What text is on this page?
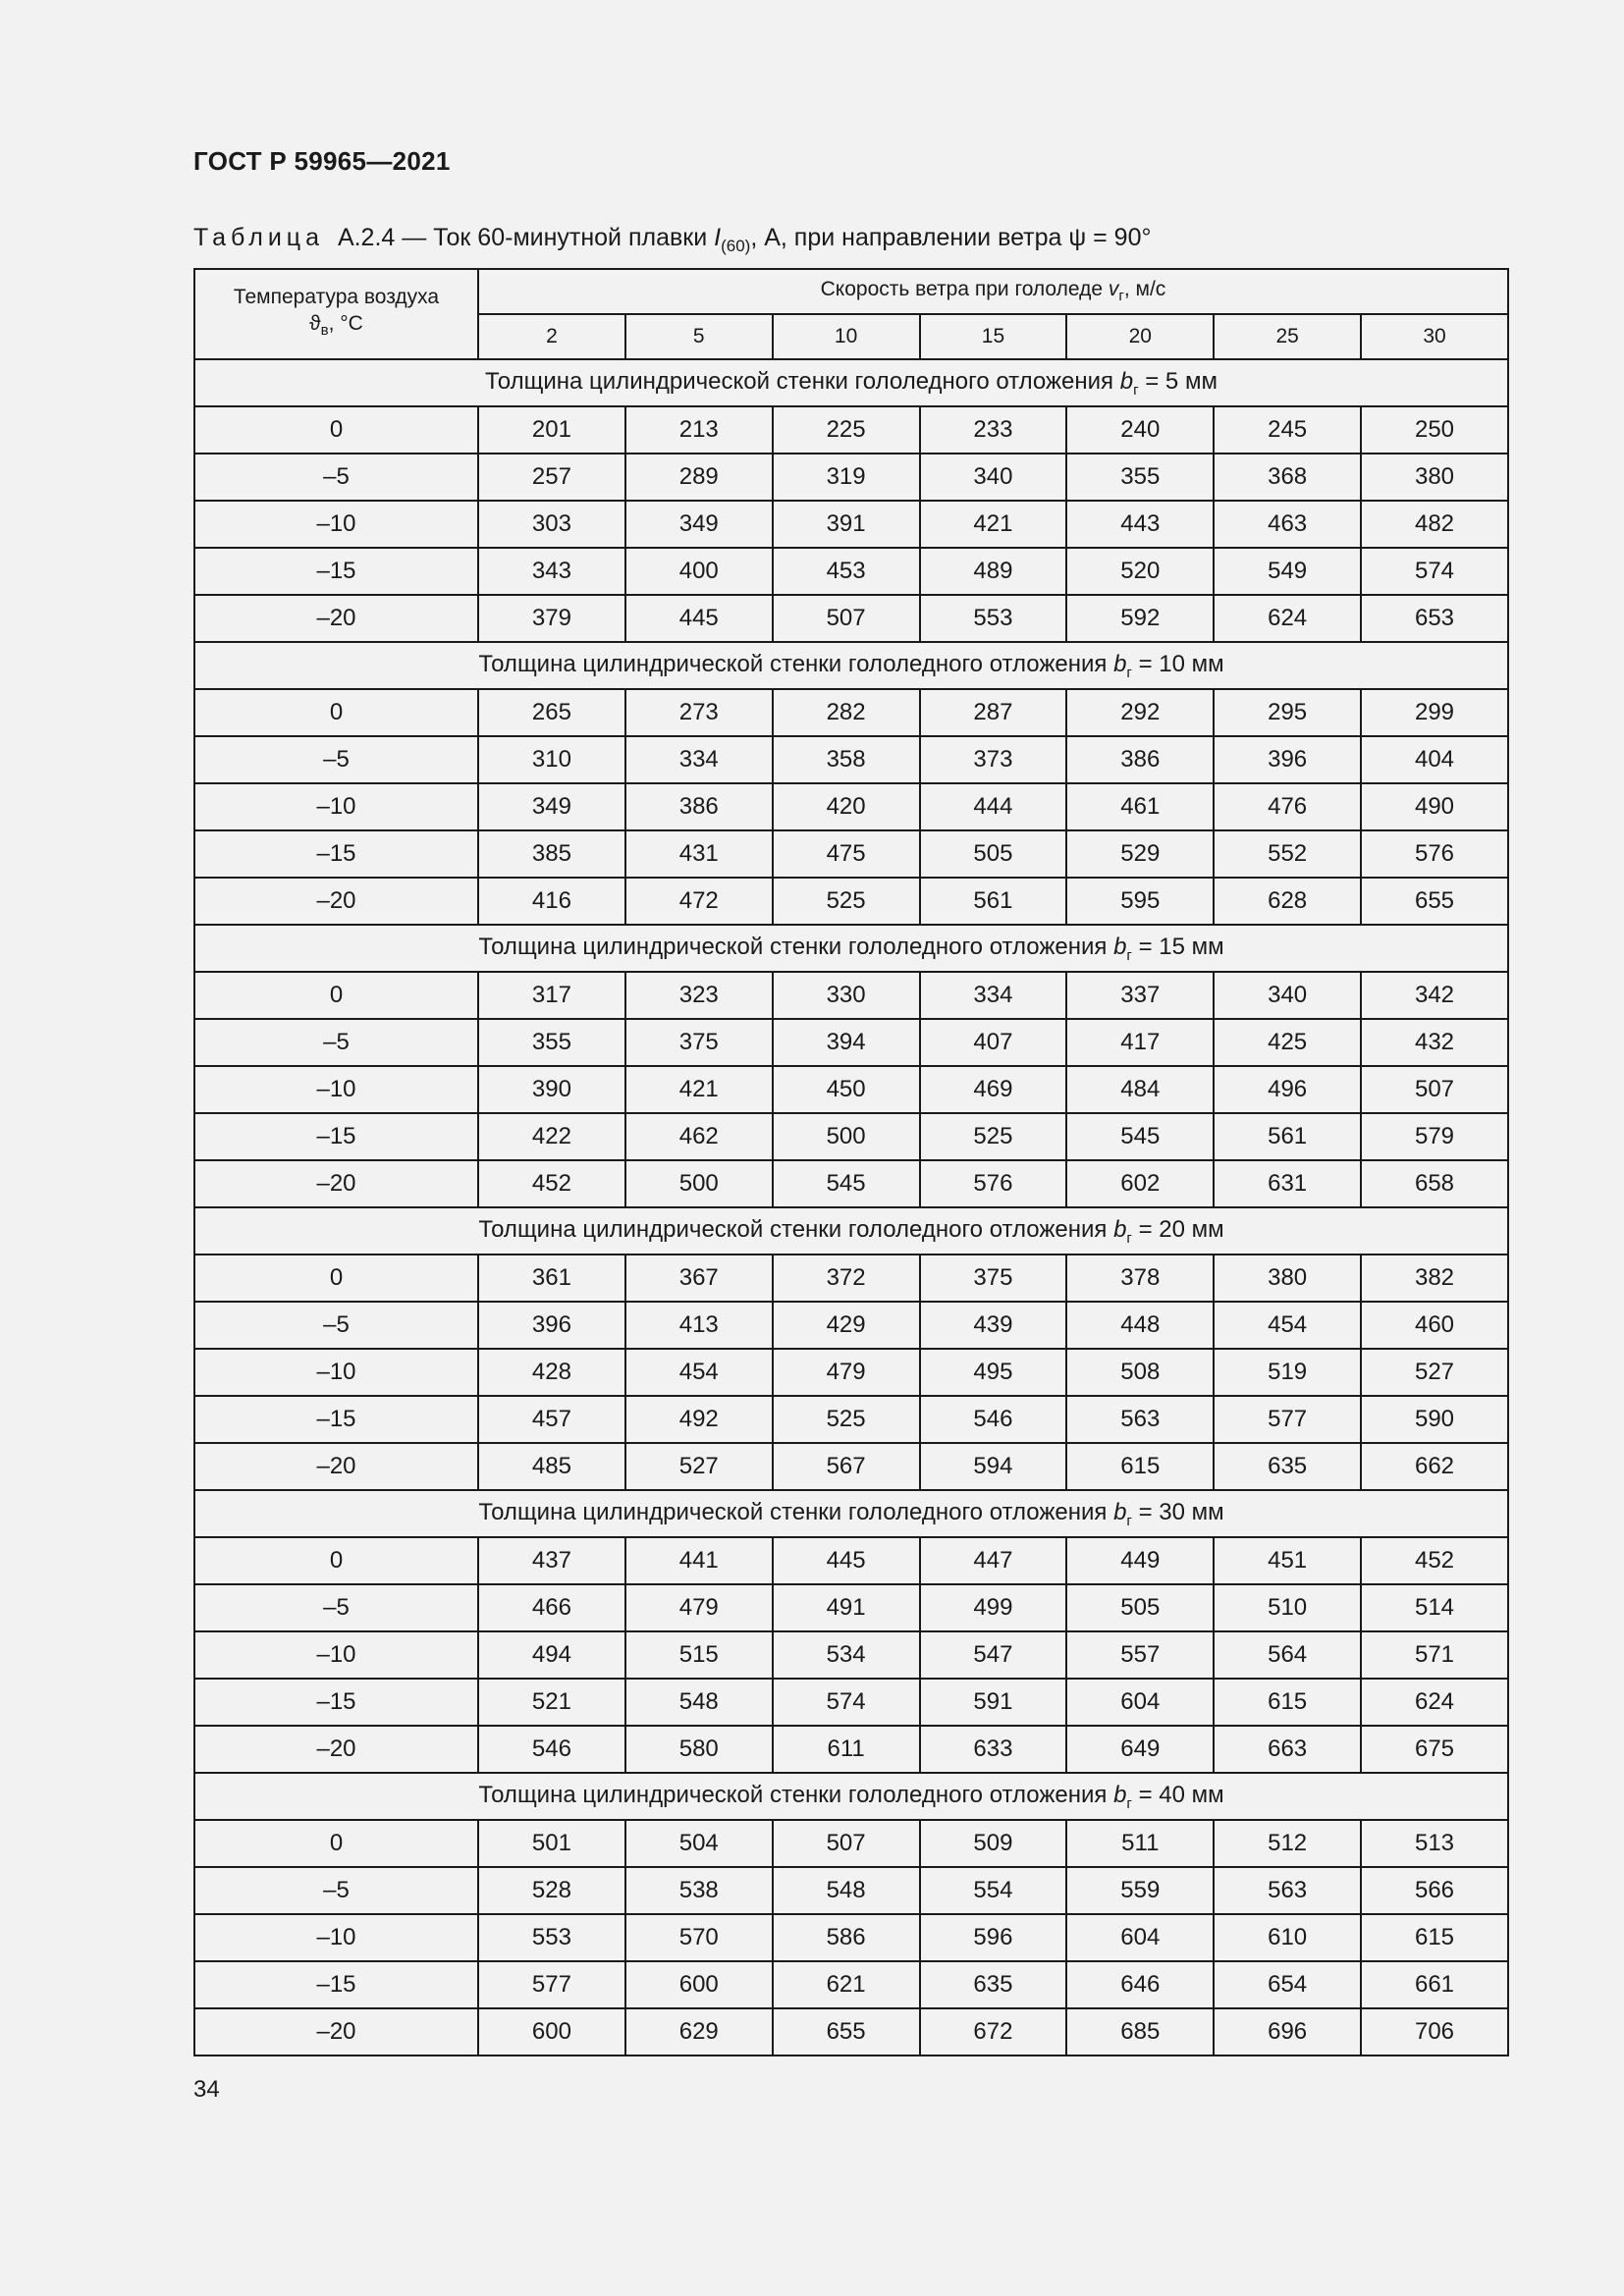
ГОСТ Р 59965—2021
Таблица А.2.4 — Ток 60-минутной плавки $I_{(60)}$, А, при направлении ветра ψ = 90°
Температура воздуха
$ϑ_в$, °С	Скорость ветра при гололеде $v_г$, м/с						
	2	5	10	15	20	25	30
Толщина цилиндрической стенки гололедного отложения $b_г = 5$ мм							
0	201	213	225	233	240	245	250
–5	257	289	319	340	355	368	380
–10	303	349	391	421	443	463	482
–15	343	400	453	489	520	549	574
–20	379	445	507	553	592	624	653
Толщина цилиндрической стенки гололедного отложения $b_г = 10$ мм							
0	265	273	282	287	292	295	299
–5	310	334	358	373	386	396	404
–10	349	386	420	444	461	476	490
–15	385	431	475	505	529	552	576
–20	416	472	525	561	595	628	655
Толщина цилиндрической стенки гололедного отложения $b_г = 15$ мм							
0	317	323	330	334	337	340	342
–5	355	375	394	407	417	425	432
–10	390	421	450	469	484	496	507
–15	422	462	500	525	545	561	579
–20	452	500	545	576	602	631	658
Толщина цилиндрической стенки гололедного отложения $b_г = 20$ мм							
0	361	367	372	375	378	380	382
–5	396	413	429	439	448	454	460
–10	428	454	479	495	508	519	527
–15	457	492	525	546	563	577	590
–20	485	527	567	594	615	635	662
Толщина цилиндрической стенки гололедного отложения $b_г = 30$ мм							
0	437	441	445	447	449	451	452
–5	466	479	491	499	505	510	514
–10	494	515	534	547	557	564	571
–15	521	548	574	591	604	615	624
–20	546	580	611	633	649	663	675
Толщина цилиндрической стенки гололедного отложения $b_г = 40$ мм							
0	501	504	507	509	511	512	513
–5	528	538	548	554	559	563	566
–10	553	570	586	596	604	610	615
–15	577	600	621	635	646	654	661
–20	600	629	655	672	685	696	706
34
